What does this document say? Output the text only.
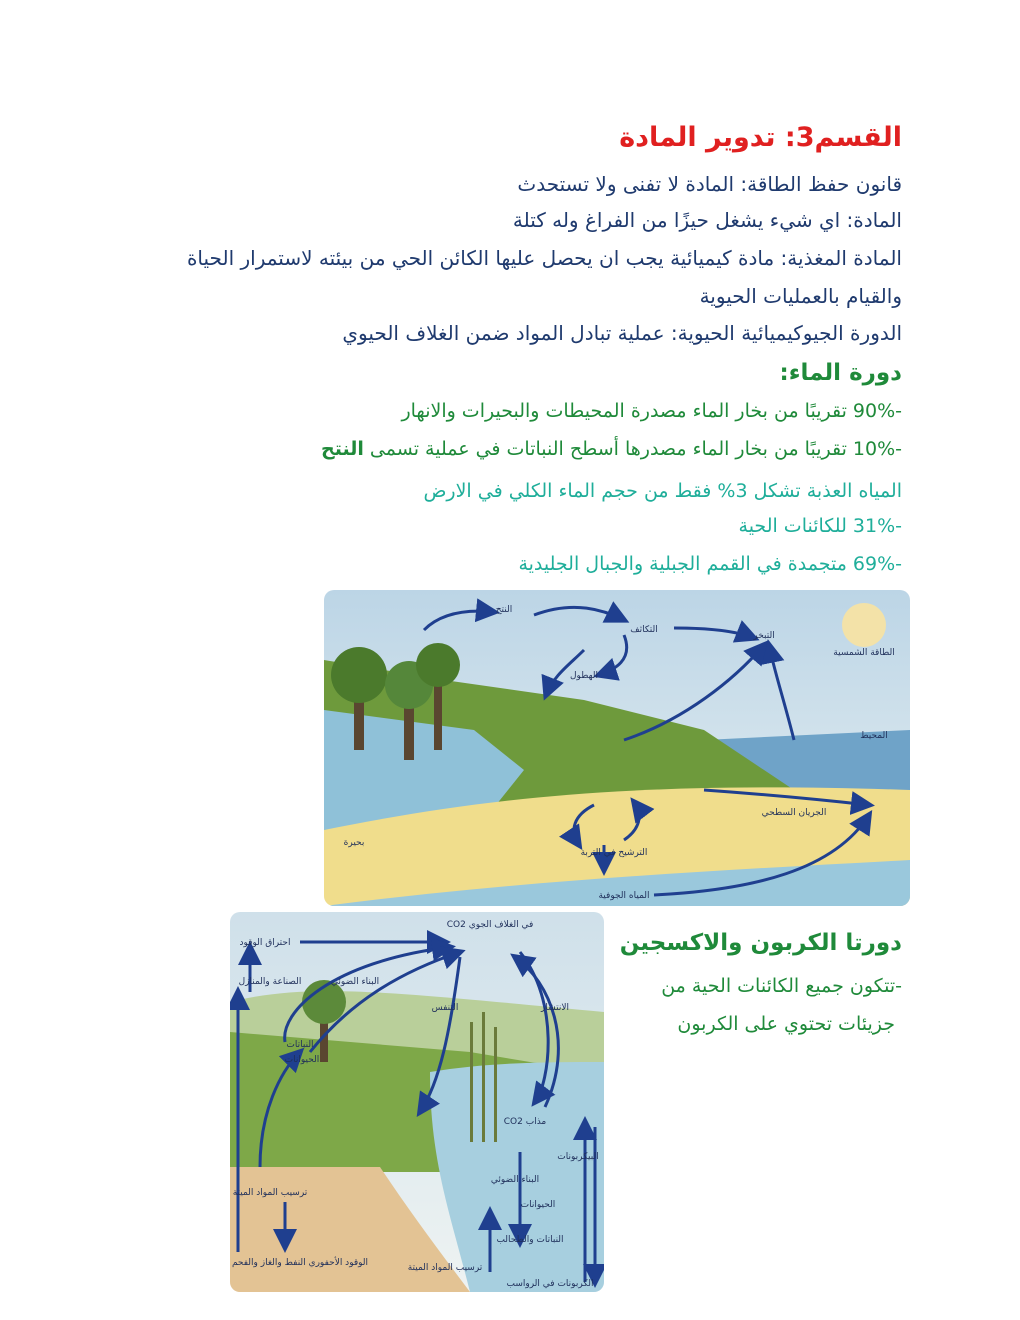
القسم3: تدوير المادة
قانون حفظ الطاقة: المادة لا تفنى ولا تستحدث
المادة: اي شيء يشغل حيزًا من الفراغ وله كتلة
المادة المغذية: مادة كيميائية يجب ان يحصل عليها الكائن الحي من بيئته لاستمرار الحياة
والقيام بالعمليات الحيوية
الدورة الجيوكيميائية الحيوية: عملية تبادل المواد ضمن الغلاف الحيوي
دورة الماء:
-90% تقريبًا من بخار الماء مصدرة المحيطات والبحيرات والانهار
-10% تقريبًا من بخار الماء مصدرها أسطح النباتات في عملية تسمى النتح
المياه العذبة تشكل 3% فقط من حجم الماء الكلي في الارض
-31% للكائنات الحية
-69% متجمدة في القمم الجبلية والجبال الجليدية
النتح
التكاثف
التبخر
الطاقة الشمسية
الهطول
المحيط
الجريان السطحي
بحيرة
الترشيح في التربة
المياه الجوفية
دورتا الكربون والاكسجين
-تتكون جميع الكائنات الحية من
جزيئات تحتوي على الكربون
CO2 في الغلاف الجوي
احتراق الوقود
الصناعة والمنازل	البناء الضوئي
التنفس	الانتشار
النباتات
الحيوانات
CO2 مذاب
البيكربونات
البناء الضوئي
الحيوانات
النباتات والطحالب
ترسيب المواد الميتة
الوقود الأحفوري النفط والغاز والفحم	ترسيب المواد الميتة
الكربونات في الرواسب
